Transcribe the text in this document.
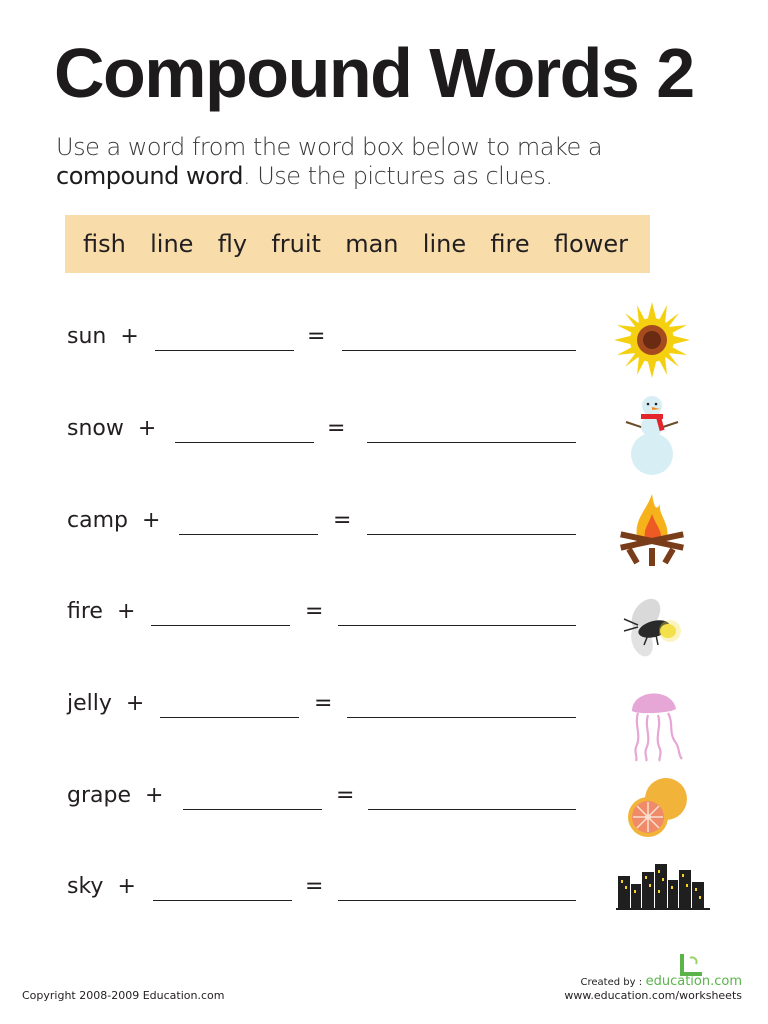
Compound Words 2
Use a word from the word box below to make a
compound word. Use the pictures as clues.
fish line fly fruit man line fire flower
sun +	=
snow +	=
camp +	=
fire +	=
jelly +	=
grape +	=
sky +	=
Copyright 2008-2009 Education.com
Created by : education.com
www.education.com/worksheets
